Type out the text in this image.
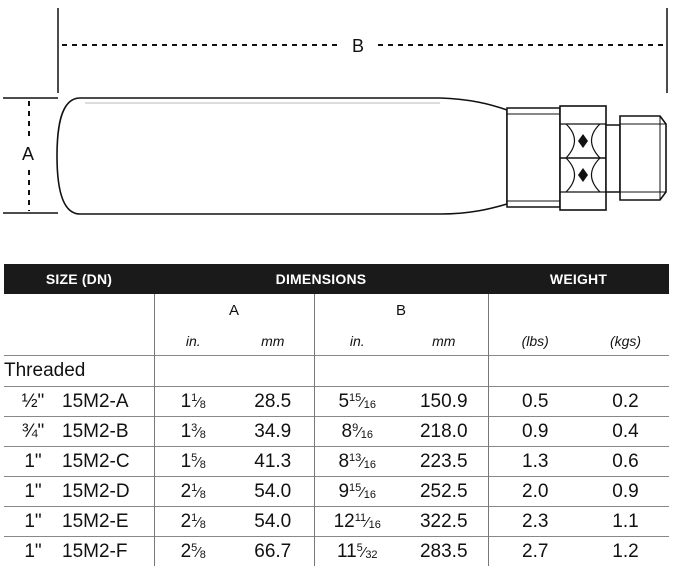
B
A
SIZE (DN)	DIMENSIONS				WEIGHT	
	A		B			
	in.	mm	in.	mm	(lbs)	(kgs)
Threaded						
½" 15M2-A	$1^1⁄_8$	28.5	$5^{15}⁄_{16}$	150.9	0.5	0.2
¾" 15M2-B	$1^3⁄_8$	34.9	$8^9⁄_{16}$	218.0	0.9	0.4
1" 15M2-C	$1^5⁄_8$	41.3	$8^{13}⁄_{16}$	223.5	1.3	0.6
1" 15M2-D	$2^1⁄_8$	54.0	$9^{15}⁄_{16}$	252.5	2.0	0.9
1" 15M2-E	$2^1⁄_8$	54.0	$12^{11}⁄_{16}$	322.5	2.3	1.1
1" 15M2-F	$2^5⁄_8$	66.7	$11^5⁄_{32}$	283.5	2.7	1.2
